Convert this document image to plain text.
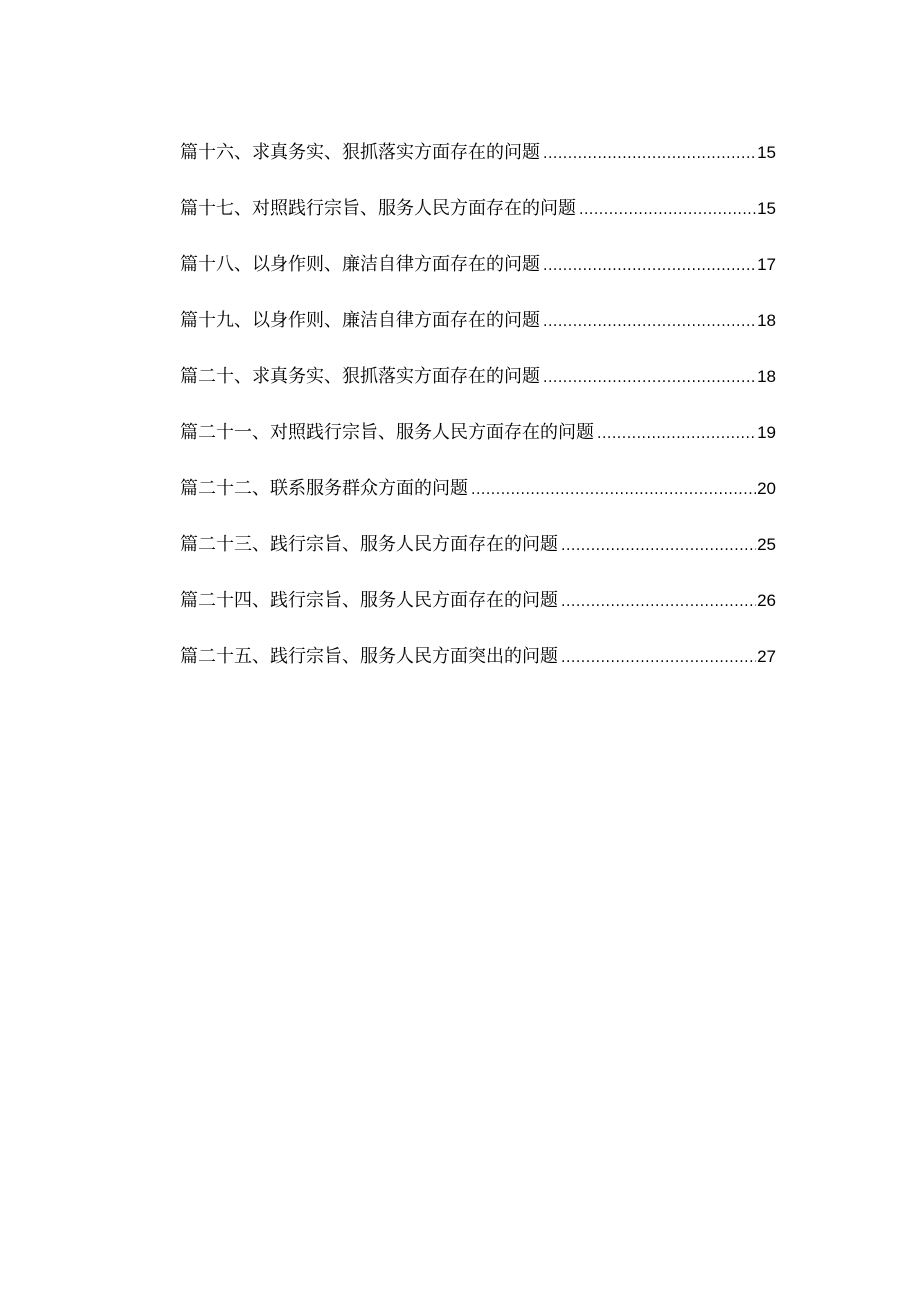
篇十六、求真务实、狠抓落实方面存在的问题 .....	15
篇十七、对照践行宗旨、服务人民方面存在的问题 .....	15
篇十八、以身作则、廉洁自律方面存在的问题 .....	17
篇十九、以身作则、廉洁自律方面存在的问题 .....	18
篇二十、求真务实、狠抓落实方面存在的问题 .....	18
篇二十一、对照践行宗旨、服务人民方面存在的问题 .....	19
篇二十二、联系服务群众方面的问题 .....	20
篇二十三、践行宗旨、服务人民方面存在的问题 .....	25
篇二十四、践行宗旨、服务人民方面存在的问题 .....	26
篇二十五、践行宗旨、服务人民方面突出的问题 .....	27
